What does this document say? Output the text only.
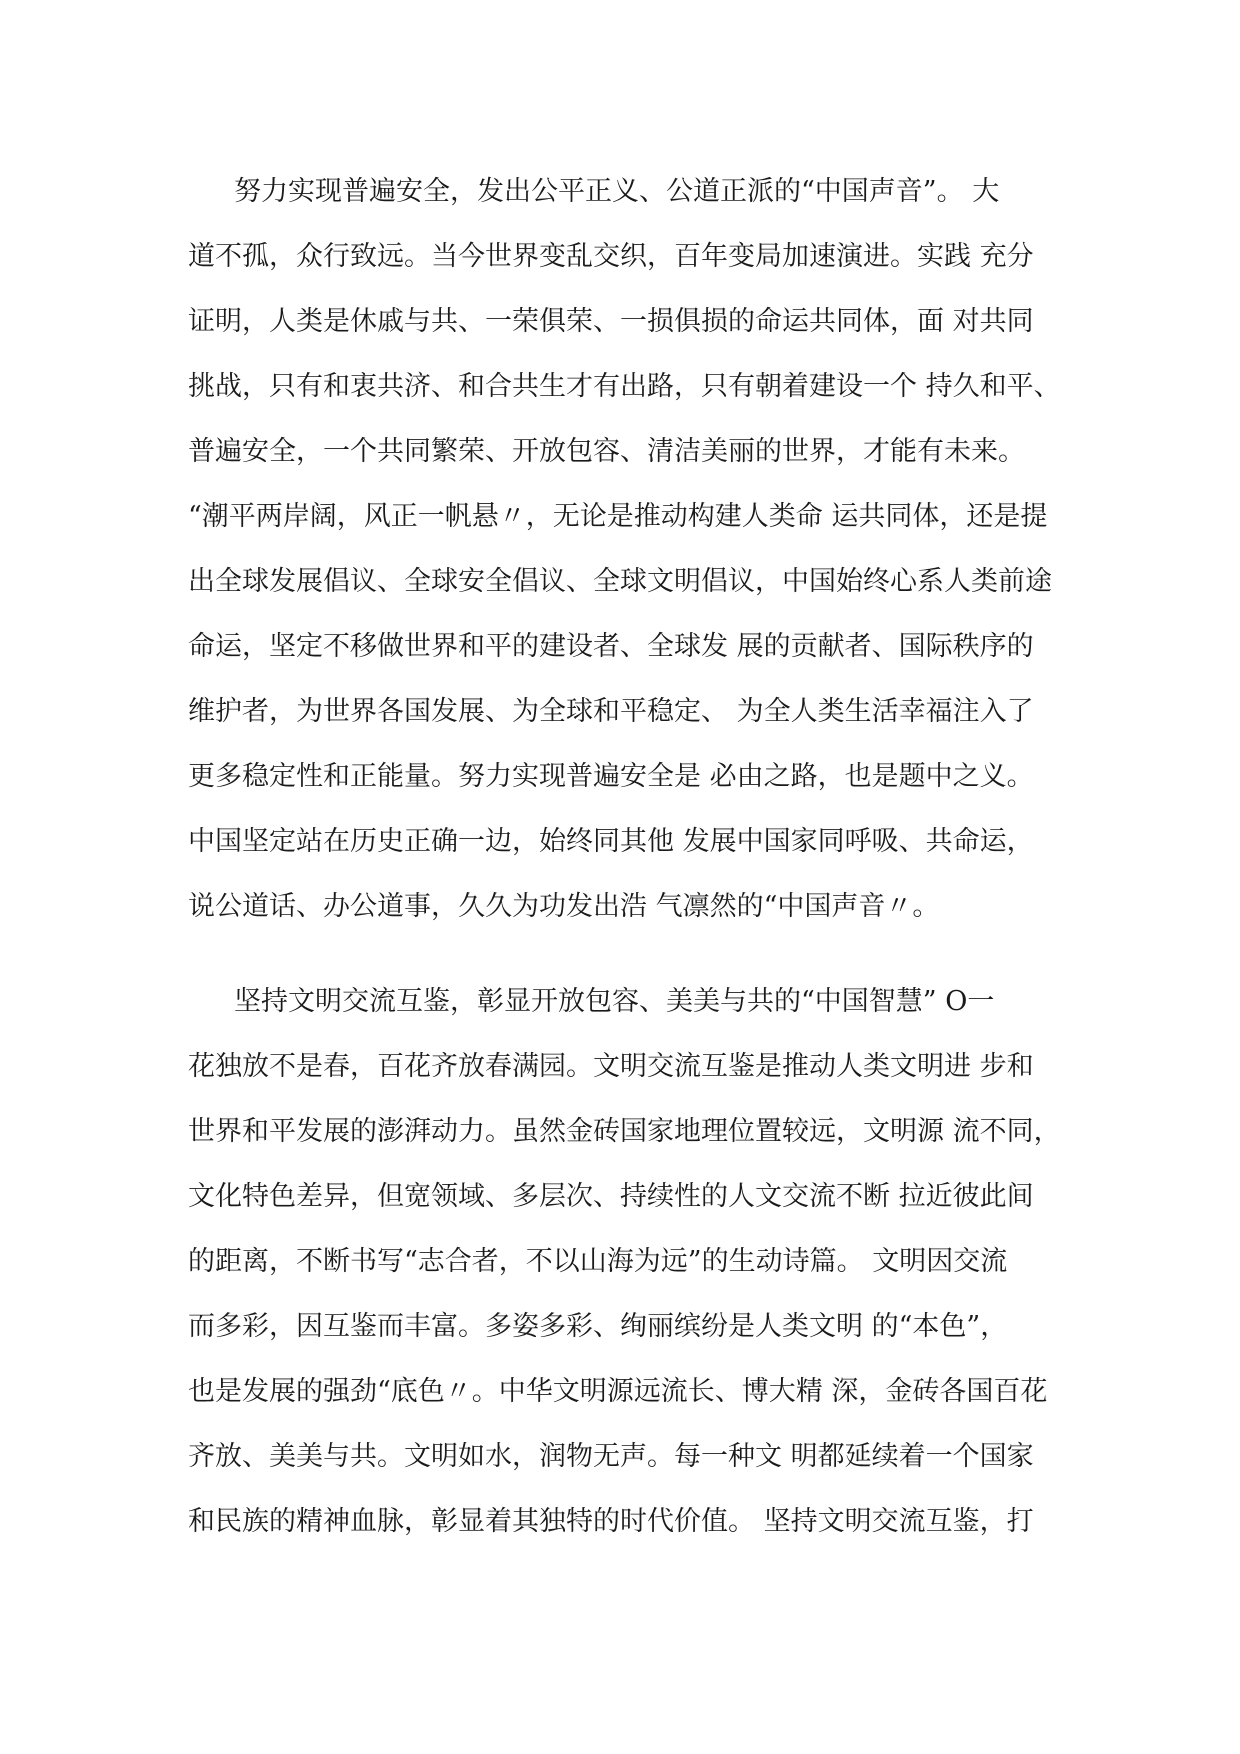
努力实现普遍安全，发出公平正义、公道正派的“中国声音”。 大
道不孤，众行致远。当今世界变乱交织，百年变局加速演进。实践 充分
证明，人类是休戚与共、一荣俱荣、一损俱损的命运共同体，面 对共同
挑战，只有和衷共济、和合共生才有出路，只有朝着建设一个 持久和平、
普遍安全，一个共同繁荣、开放包容、清洁美丽的世界，才能有未来。
“潮平两岸阔，风正一帆悬〃，无论是推动构建人类命 运共同体，还是提
出全球发展倡议、全球安全倡议、全球文明倡议，中国始终心系人类前途
命运，坚定不移做世界和平的建设者、全球发 展的贡献者、国际秩序的
维护者，为世界各国发展、为全球和平稳定、 为全人类生活幸福注入了
更多稳定性和正能量。努力实现普遍安全是 必由之路，也是题中之义。
中国坚定站在历史正确一边，始终同其他 发展中国家同呼吸、共命运，
说公道话、办公道事，久久为功发出浩 气凛然的“中国声音〃。
坚持文明交流互鉴，彰显开放包容、美美与共的“中国智慧” O一
花独放不是春，百花齐放春满园。文明交流互鉴是推动人类文明进 步和
世界和平发展的澎湃动力。虽然金砖国家地理位置较远，文明源 流不同，
文化特色差异，但宽领域、多层次、持续性的人文交流不断 拉近彼此间
的距离，不断书写“志合者，不以山海为远”的生动诗篇。 文明因交流
而多彩，因互鉴而丰富。多姿多彩、绚丽缤纷是人类文明 的“本色”，
也是发展的强劲“底色〃。中华文明源远流长、博大精 深，金砖各国百花
齐放、美美与共。文明如水，润物无声。每一种文 明都延续着一个国家
和民族的精神血脉，彰显着其独特的时代价值。 坚持文明交流互鉴，打
